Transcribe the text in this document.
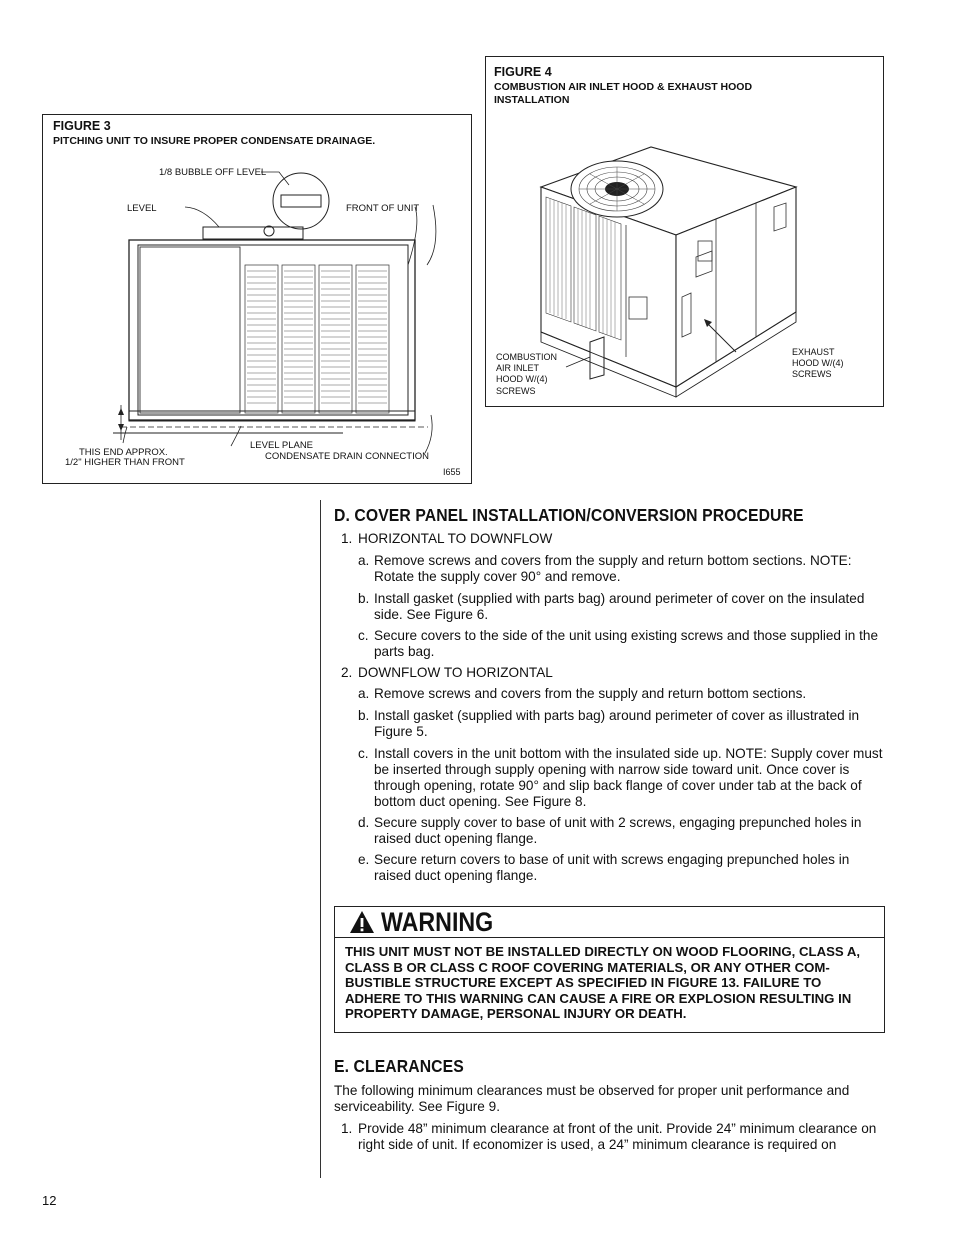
FIGURE 3
PITCHING UNIT TO INSURE PROPER CONDENSATE DRAINAGE.
1/8 BUBBLE OFF LEVEL
LEVEL	FRONT OF UNIT
THIS END APPROX.
1/2" HIGHER THAN FRONT
LEVEL PLANE
CONDENSATE DRAIN CONNECTION
I655
FIGURE 4
COMBUSTION AIR INLET HOOD & EXHAUST HOOD
INSTALLATION
COMBUSTION
AIR INLET
HOOD W/(4)
SCREWS
EXHAUST
HOOD W/(4)
SCREWS
D. COVER PANEL INSTALLATION/CONVERSION PROCEDURE
1. HORIZONTAL TO DOWNFLOW
a. Remove screws and covers from the supply and return bottom sections. NOTE: Rotate the supply cover 90° and remove.
b. Install gasket (supplied with parts bag) around perimeter of cover on the insulated side. See Figure 6.
c. Secure covers to the side of the unit using existing screws and those supplied in the parts bag.
2. DOWNFLOW TO HORIZONTAL
a. Remove screws and covers from the supply and return bottom sections.
b. Install gasket (supplied with parts bag) around perimeter of cover as illustrated in Figure 5.
c. Install covers in the unit bottom with the insulated side up. NOTE: Supply cover must be inserted through supply opening with narrow side toward unit. Once cover is through opening, rotate 90° and slip back flange of cover under tab at the back of bottom duct opening. See Figure 8.
d. Secure supply cover to base of unit with 2 screws, engaging prepunched holes in raised duct opening flange.
e. Secure return covers to base of unit with screws engaging prepunched holes in raised duct opening flange.
WARNING
THIS UNIT MUST NOT BE INSTALLED DIRECTLY ON WOOD FLOORING, CLASS A, CLASS B OR CLASS C ROOF COVERING MATERIALS, OR ANY OTHER COM- BUSTIBLE STRUCTURE EXCEPT AS SPECIFIED IN FIGURE 13. FAILURE TO ADHERE TO THIS WARNING CAN CAUSE A FIRE OR EXPLOSION RESULTING IN PROPERTY DAMAGE, PERSONAL INJURY OR DEATH.
E. CLEARANCES
The following minimum clearances must be observed for proper unit performance and serviceability. See Figure 9.
1. Provide 48” minimum clearance at front of the unit. Provide 24” minimum clearance on right side of unit. If economizer is used, a 24” minimum clearance is required on
12
